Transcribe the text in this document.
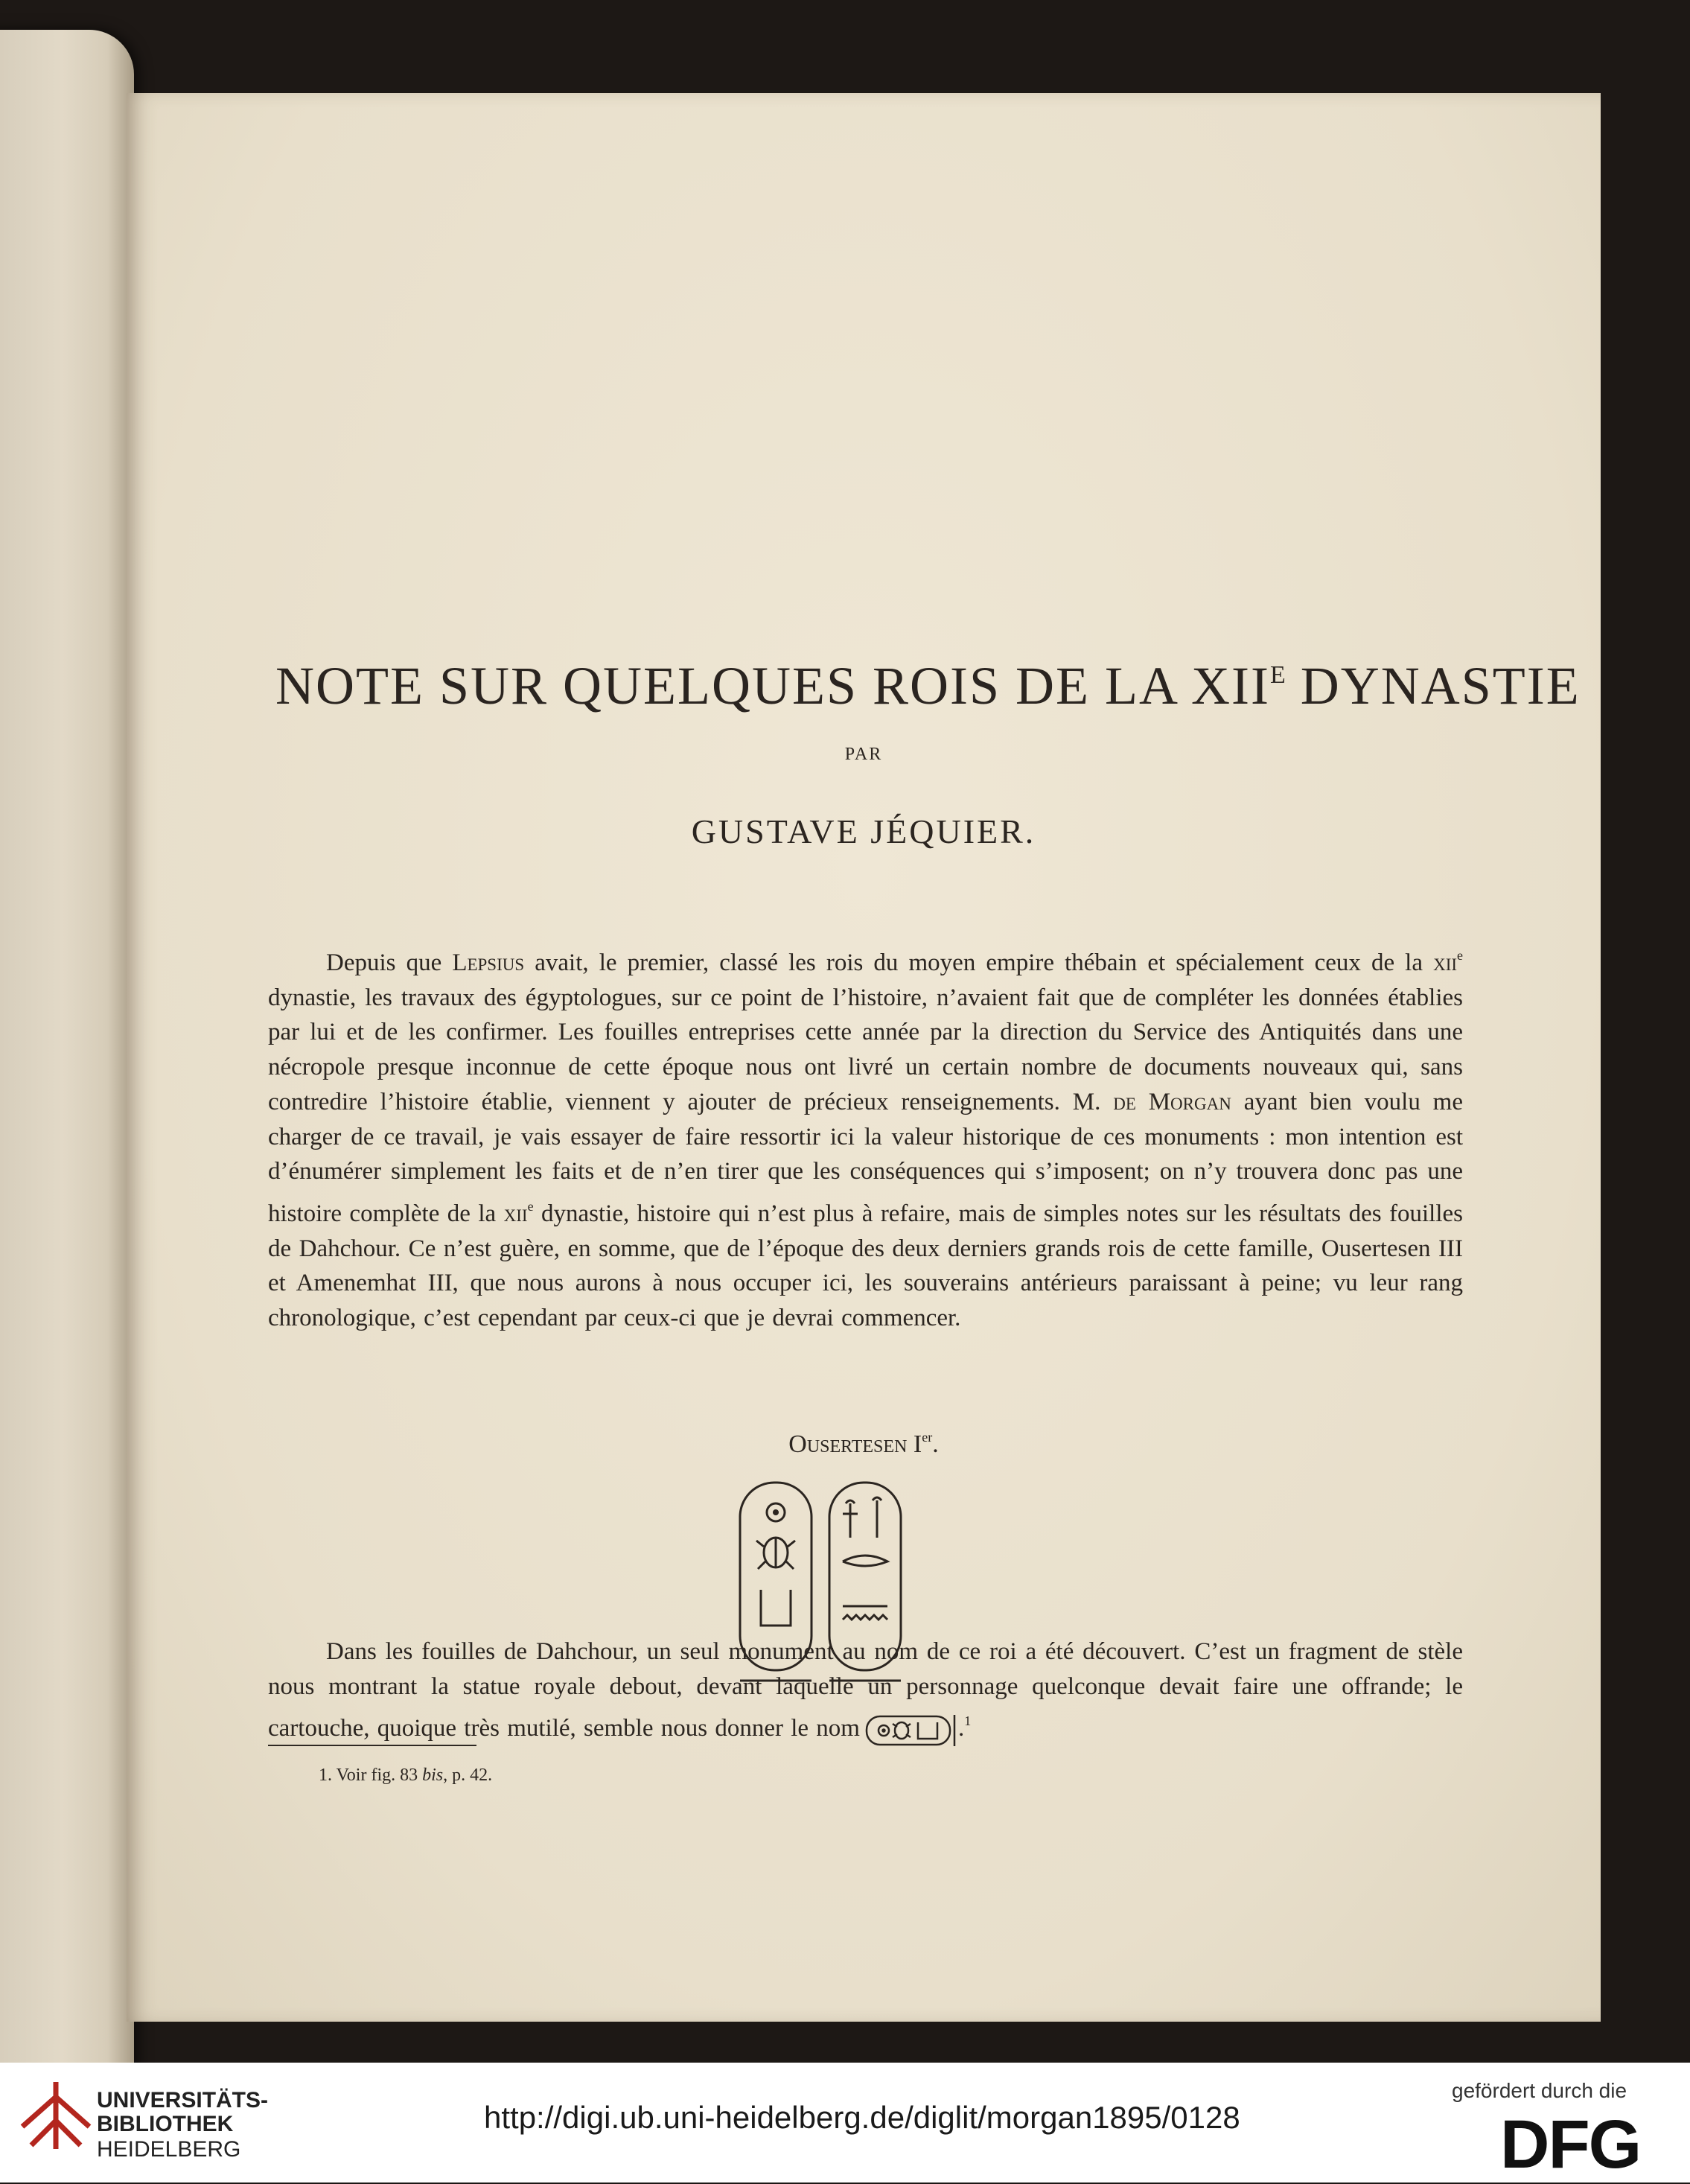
NOTE SUR QUELQUES ROIS DE LA $XII^E$ DYNASTIE
PAR
GUSTAVE JÉQUIER.

Depuis que Lepsius avait, le premier, classé les rois du moyen empire thébain et spécialement ceux de la xii$^e$ dynastie, les travaux des égyptologues, sur ce point de l’histoire, n’avaient fait que de compléter les données établies par lui et de les confirmer. Les fouilles entreprises cette année par la direction du Service des Antiquités dans une nécropole presque inconnue de cette époque nous ont livré un certain nombre de documents nouveaux qui, sans contredire l’histoire établie, viennent y ajouter de précieux renseignements. M. de Morgan ayant bien voulu me charger de ce travail, je vais essayer de faire ressortir ici la valeur historique de ces monuments : mon intention est d’énumérer simplement les faits et de n’en tirer que les conséquences qui s’imposent; on n’y trouvera donc pas une histoire complète de la xii$^e$ dynastie, histoire qui n’est plus à refaire, mais de simples notes sur les résultats des fouilles de Dahchour. Ce n’est guère, en somme, que de l’époque des deux derniers grands rois de cette famille, Ousertesen III et Amenemhat III, que nous aurons à nous occuper ici, les souverains antérieurs paraissant à peine; vu leur rang chronologique, c’est cependant par ceux-ci que je devrai commencer.

Ousertesen Ier.

Dans les fouilles de Dahchour, un seul monument au nom de ce roi a été découvert. C’est un fragment de stèle nous montrant la statue royale debout, devant laquelle un personnage quelconque devait faire une offrande; le cartouche, quoique très mutilé, semble nous donner le nom	.$^1$

1. Voir fig. 83 bis, p. 42.
UNIVERSITÄTS-
BIBLIOTHEK
HEIDELBERG
http://digi.ub.uni-heidelberg.de/diglit/morgan1895/0128
gefördert durch die
DFG
